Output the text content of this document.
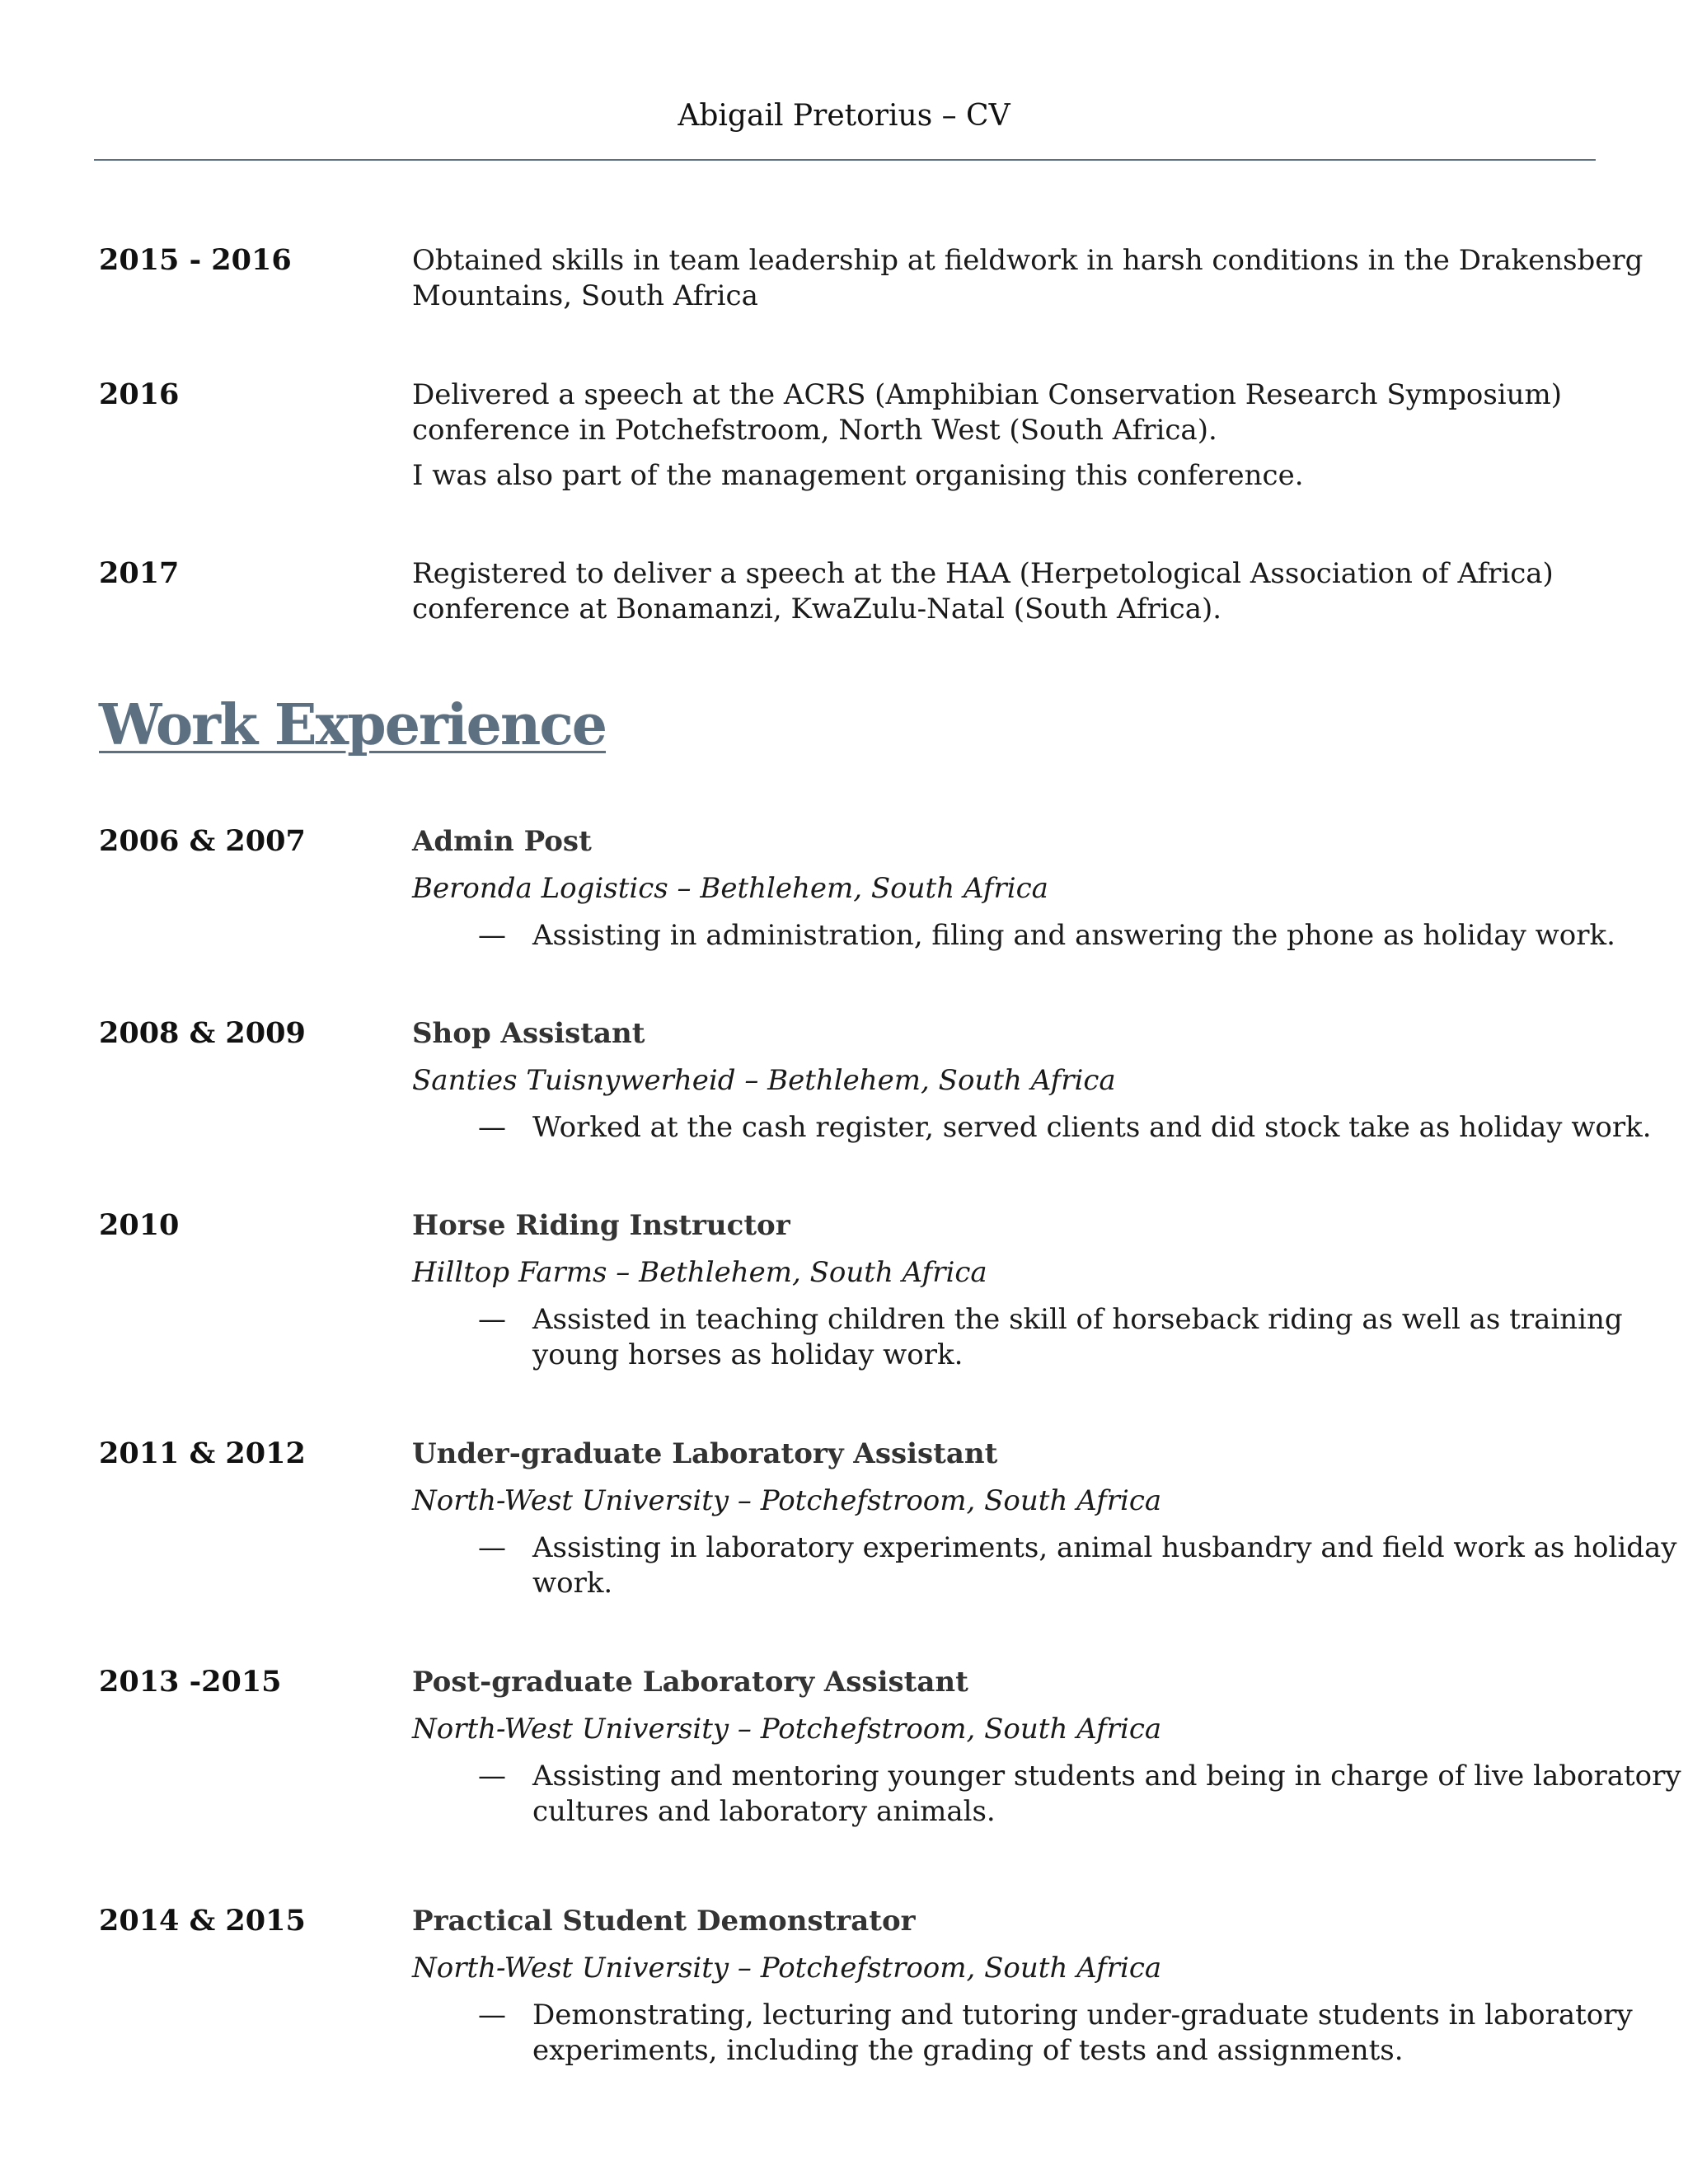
Abigail Pretorius – CV
2015 - 2016	Obtained skills in team leadership at fieldwork in harsh conditions in the Drakensberg Mountains, South Africa

2016	Delivered a speech at the ACRS (Amphibian Conservation Research Symposium) conference in Potchefstroom, North West (South Africa).

I was also part of the management organising this conference.

2017	Registered to deliver a speech at the HAA (Herpetological Association of Africa) conference at Bonamanzi, KwaZulu-Natal (South Africa).

Work Experience
2006 & 2007	Admin Post
Beronda Logistics – Bethlehem, South Africa
— Assisting in administration, filing and answering the phone as holiday work.
2008 & 2009	Shop Assistant
Santies Tuisnywerheid – Bethlehem, South Africa
— Worked at the cash register, served clients and did stock take as holiday work.
2010	Horse Riding Instructor
Hilltop Farms – Bethlehem, South Africa
— Assisted in teaching children the skill of horseback riding as well as training young horses as holiday work.
2011 & 2012	Under-graduate Laboratory Assistant
North-West University – Potchefstroom, South Africa
— Assisting in laboratory experiments, animal husbandry and field work as holiday work.
2013 -2015	Post-graduate Laboratory Assistant
North-West University – Potchefstroom, South Africa
— Assisting and mentoring younger students and being in charge of live laboratory cultures and laboratory animals.
2014 & 2015	Practical Student Demonstrator
North-West University – Potchefstroom, South Africa
— Demonstrating, lecturing and tutoring under-graduate students in laboratory experiments, including the grading of tests and assignments.
